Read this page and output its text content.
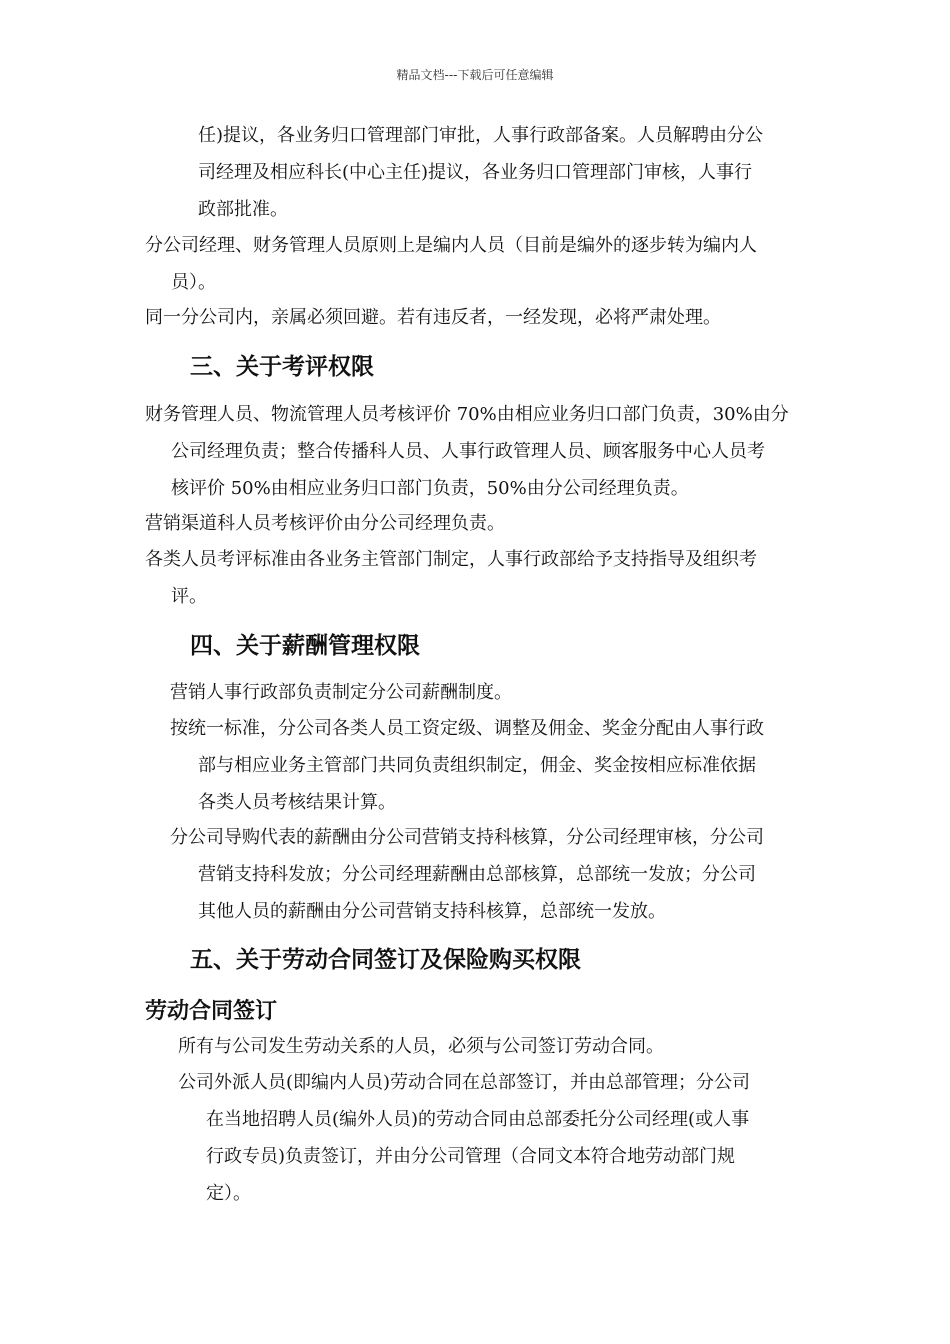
精品文档---下载后可任意编辑
任)提议，各业务归口管理部门审批，人事行政部备案。人员解聘由分公
司经理及相应科长(中心主任)提议，各业务归口管理部门审核，人事行
政部批准。
分公司经理、财务管理人员原则上是编内人员（目前是编外的逐步转为编内人
员）。
同一分公司内，亲属必须回避。若有违反者，一经发现，必将严肃处理。
三、关于考评权限
财务管理人员、物流管理人员考核评价 70%由相应业务归口部门负责，30%由分
公司经理负责；整合传播科人员、人事行政管理人员、顾客服务中心人员考
核评价 50%由相应业务归口部门负责，50%由分公司经理负责。
营销渠道科人员考核评价由分公司经理负责。
各类人员考评标准由各业务主管部门制定，人事行政部给予支持指导及组织考
评。
四、关于薪酬管理权限
营销人事行政部负责制定分公司薪酬制度。
按统一标准，分公司各类人员工资定级、调整及佣金、奖金分配由人事行政
部与相应业务主管部门共同负责组织制定，佣金、奖金按相应标准依据
各类人员考核结果计算。
分公司导购代表的薪酬由分公司营销支持科核算，分公司经理审核，分公司
营销支持科发放；分公司经理薪酬由总部核算，总部统一发放；分公司
其他人员的薪酬由分公司营销支持科核算，总部统一发放。
五、关于劳动合同签订及保险购买权限
劳动合同签订
所有与公司发生劳动关系的人员，必须与公司签订劳动合同。
公司外派人员(即编内人员)劳动合同在总部签订，并由总部管理；分公司
在当地招聘人员(编外人员)的劳动合同由总部委托分公司经理(或人事
行政专员)负责签订，并由分公司管理（合同文本符合地劳动部门规
定）。
